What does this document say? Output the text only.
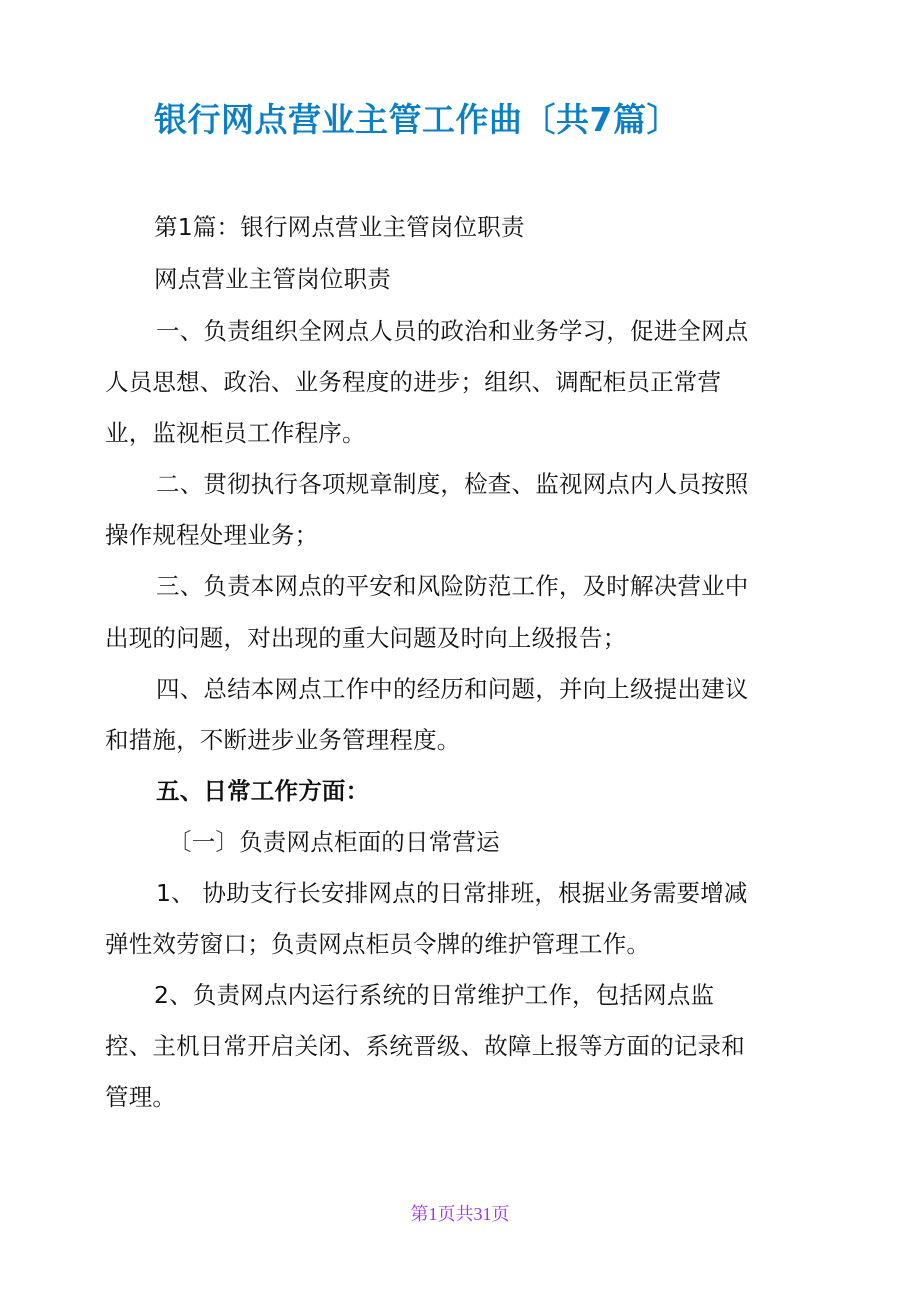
银行网点营业主管工作曲〔共7篇〕
第1篇：银行网点营业主管岗位职责
网点营业主管岗位职责
一、负责组织全网点人员的政治和业务学习，促进全网点
人员思想、政治、业务程度的进步；组织、调配柜员正常营
业，监视柜员工作程序。
二、贯彻执行各项规章制度，检查、监视网点内人员按照
操作规程处理业务；
三、负责本网点的平安和风险防范工作，及时解决营业中
出现的问题，对出现的重大问题及时向上级报告；
四、总结本网点工作中的经历和问题，并向上级提出建议
和措施，不断进步业务管理程度。
五、日常工作方面：
〔一〕负责网点柜面的日常营运
1、 协助支行长安排网点的日常排班，根据业务需要增减
弹性效劳窗口；负责网点柜员令牌的维护管理工作。
2、负责网点内运行系统的日常维护工作，包括网点监
控、主机日常开启关闭、系统晋级、故障上报等方面的记录和
管理。
第1页共31页
